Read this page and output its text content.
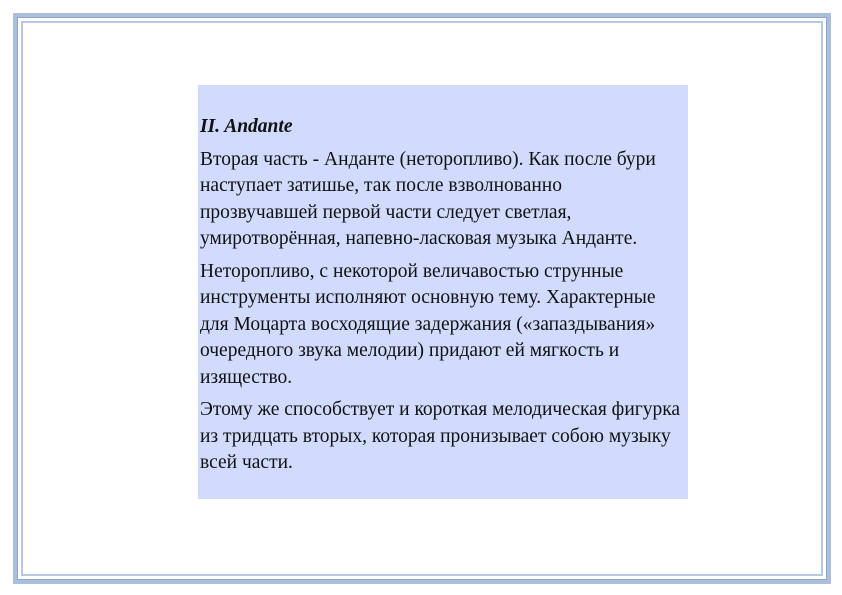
II. Andante

Вторая часть - Анданте (неторопливо). Как после бури наступает затишье, так после взволнованно прозвучавшей первой части следует светлая, умиротворённая, напевно-ласковая музыка Анданте.

Неторопливо, с некоторой величавостью струнные инструменты исполняют основную тему. Характерные для Моцарта восходящие задержания («запаздывания» очередного звука мелодии) придают ей мягкость и изящество.

Этому же способствует и короткая мелодическая фигурка из тридцать вторых, которая пронизывает собою музыку всей части.
